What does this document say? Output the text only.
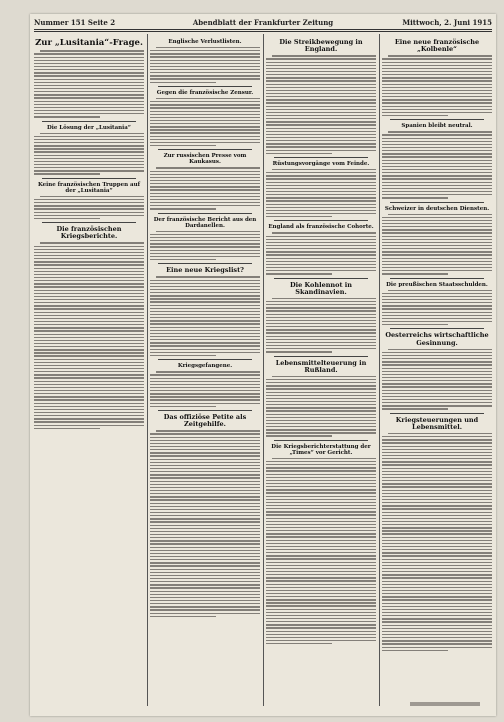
Nummer 151 Seite 2	Abendblatt der Frankfurter Zeitung	Mittwoch, 2. Juni 1915
Zur „Lusitania“-Frage.
Die Lösung der „Lusitania“
Keine französischen Truppen auf der „Lusitania“
Die französischen Kriegsberichte.
Englische Verlustlisten.
Gegen die französische Zensur.
Zur russischen Presse vom Kaukasus.
Der französische Bericht aus den Dardanellen.
Eine neue Kriegslist?
Kriegsgefangene.
Das offiziöse Petite als Zeitgehilfe.
Die Streikbewegung in England.
Rüstungsvorgänge vom Feinde.
England als französische Cohorte.
Die Kohlennot in Skandinavien.
Lebensmittelteuerung in Rußland.
Die Kriegsberichterstattung der „Times“ vor Gericht.
Eine neue französische „Kolbenle“
Spanien bleibt neutral.
Schweizer in deutschen Diensten.
Die preußischen Staatsschulden.
Oesterreichs wirtschaftliche Gesinnung.
Kriegsteuerungen und Lebensmittel.
